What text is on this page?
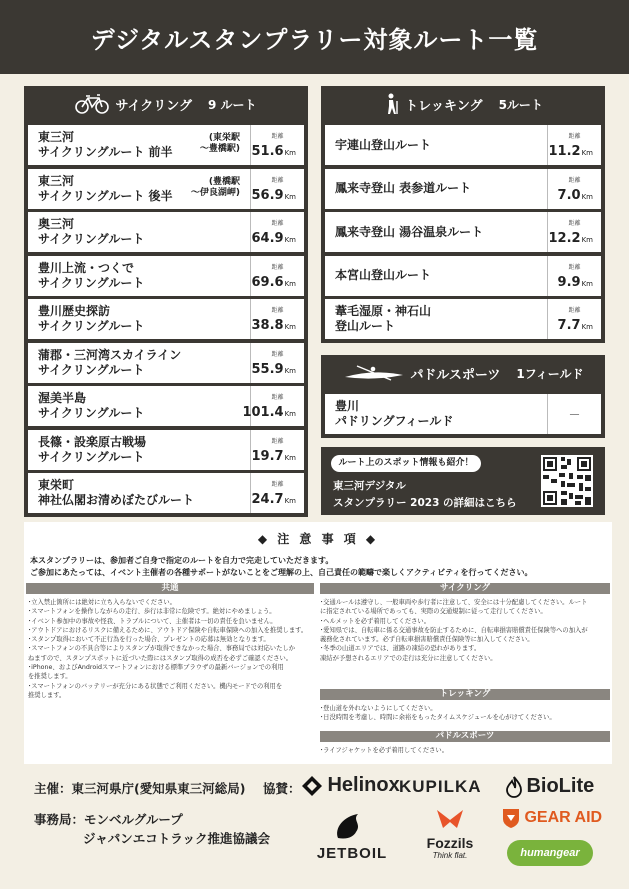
デジタルスタンプラリー対象ルート一覧
サイクリング 9 ルート
東三河
サイクリングルート 前半
(東栄駅
～豊橋駅)
距離
51.6Km
東三河
サイクリングルート 後半
(豊橋駅
～伊良湖岬)
距離
56.9Km
奥三河
サイクリングルート
距離
64.9Km
豊川上流・つくで
サイクリングルート
距離
69.6Km
豊川歴史探訪
サイクリングルート
距離
38.8Km
蒲郡・三河湾スカイライン
サイクリングルート
距離
55.9Km
渥美半島
サイクリングルート
距離
101.4Km
長篠・設楽原古戦場
サイクリングルート
距離
19.7Km
東栄町
神社仏閣お清めぼたびルート
距離
24.7Km
トレッキング 5ルート
宇連山登山ルート
距離
11.2Km
鳳来寺登山 表参道ルート
距離
7.0Km
鳳来寺登山 湯谷温泉ルート
距離
12.2Km
本宮山登山ルート
距離
9.9Km
葦毛湿原・神石山
登山ルート
距離
7.7Km
パドルスポーツ 1フィールド
豊川
パドリングフィールド	－
ルート上のスポット情報も紹介！
東三河デジタル
スタンプラリー 2023 の詳細はこちら
◆ 注 意 事 項 ◆
本スタンプラリーは、参加者ご自身で指定のルートを自力で完走していただきます。
ご参加にあたっては、イベント主催者の各種サポートがないことをご理解の上、自己責任の範疇で楽しくアクティビティを行ってください。
共通
･立入禁止箇所には絶対に立ち入らないでください。
･スマートフォンを操作しながらの走行、歩行は非常に危険です。絶対にやめましょう。
･イベント参加中の事故や怪我、トラブルについて、主催者は一切の責任を負いません。
･アウトドアにおけるリスクに備えるために、アウトドア保険や自転車保険への加入を推奨します。
･スタンプ取得において不正行為を行った場合、プレゼントの応募は無効となります。
･スマートフォンの不具合等によりスタンプが取得できなかった場合、事務局では対応いたしか
ねますので、スタンプスポットに近づいた際にはスタンプ取得の成否を必ずご確認ください。
･iPhone、およびAndroidスマートフォンにおける標準ブラウザの最新バージョンでの利用
を推奨します。
･スマートフォンのバッテリーが充分にある状態でご利用ください。機内モードでの利用を
推奨します。
サイクリング
･交通ルールは遵守し、一般車両や歩行者に注意して、安全には十分配慮してください。ルート
に指定されている場所であっても、実際の交通規制に従って走行してください。
･ヘルメットを必ず着用してください。
･愛知県では、自転車に係る交通事故を防止するために、自転車損害賠償責任保険等への加入が
義務化されています。必ず自転車損害賠償責任保険等に加入してください。
･冬季の山道エリアでは、道路の凍結の恐れがあります。
凍結が予想されるエリアでの走行は充分に注意してください。
トレッキング
･登山道を外れないようにしてください。
･日没時間を考慮し、時間に余裕をもったタイムスケジュールを心がけてください。
パドルスポーツ
･ライフジャケットを必ず着用してください。
主催：東三河県庁(愛知県東三河総局) 協賛：
事務局：モンベルグループ
ジャパンエコトラック推進協議会
Helinox KUPILKA	BioLite
GEAR AID
JETBOIL
Fozzils
Think flat.	humangear
